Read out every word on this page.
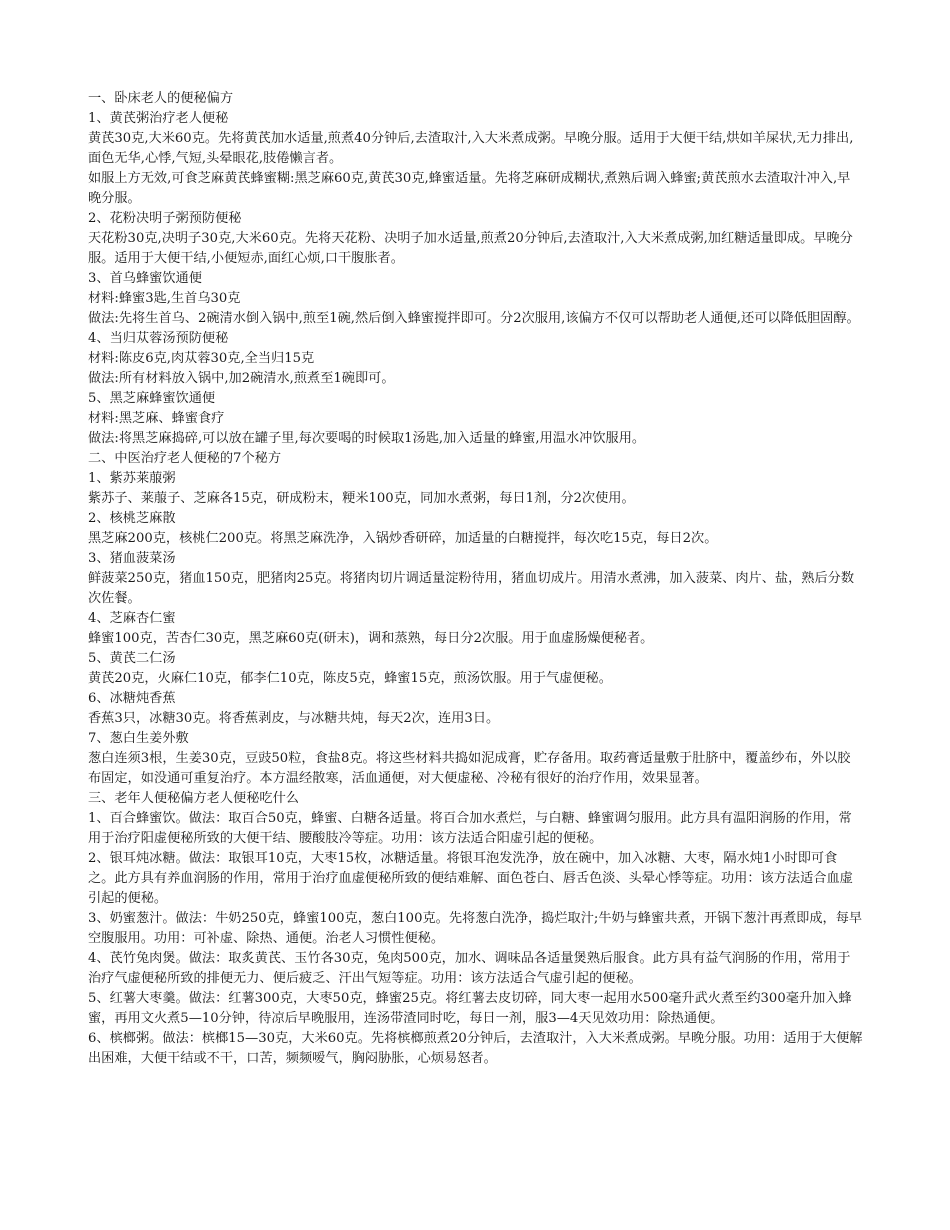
一、卧床老人的便秘偏方

1、黄芪粥治疗老人便秘

黄芪30克,大米60克。先将黄芪加水适量,煎煮40分钟后,去渣取汁,入大米煮成粥。早晚分服。适用于大便干结,烘如羊屎状,无力排出,面色无华,心悸,气短,头晕眼花,肢倦懒言者。

如服上方无效,可食芝麻黄芪蜂蜜糊:黑芝麻60克,黄芪30克,蜂蜜适量。先将芝麻研成糊状,煮熟后调入蜂蜜;黄芪煎水去渣取汁冲入,早晚分服。

2、花粉决明子粥预防便秘

天花粉30克,决明子30克,大米60克。先将天花粉、决明子加水适量,煎煮20分钟后,去渣取汁,入大米煮成粥,加红糖适量即成。早晚分服。适用于大便干结,小便短赤,面红心烦,口干腹胀者。

3、首乌蜂蜜饮通便

材料:蜂蜜3匙,生首乌30克

做法:先将生首乌、2碗清水倒入锅中,煎至1碗,然后倒入蜂蜜搅拌即可。分2次服用,该偏方不仅可以帮助老人通便,还可以降低胆固醇。

4、当归苁蓉汤预防便秘

材料:陈皮6克,肉苁蓉30克,全当归15克

做法:所有材料放入锅中,加2碗清水,煎煮至1碗即可。

5、黑芝麻蜂蜜饮通便

材料:黑芝麻、蜂蜜食疗

做法:将黑芝麻捣碎,可以放在罐子里,每次要喝的时候取1汤匙,加入适量的蜂蜜,用温水冲饮服用。

二、中医治疗老人便秘的7个秘方

1、紫苏莱菔粥

紫苏子、莱菔子、芝麻各15克，研成粉末，粳米100克，同加水煮粥，每日1剂，分2次使用。

2、核桃芝麻散

黑芝麻200克，核桃仁200克。将黑芝麻洗净，入锅炒香研碎，加适量的白糖搅拌，每次吃15克，每日2次。

3、猪血菠菜汤

鲜菠菜250克，猪血150克，肥猪肉25克。将猪肉切片调适量淀粉待用，猪血切成片。用清水煮沸，加入菠菜、肉片、盐，熟后分数次佐餐。

4、芝麻杏仁蜜

蜂蜜100克，苦杏仁30克，黑芝麻60克(研末)，调和蒸熟，每日分2次服。用于血虚肠燥便秘者。

5、黄芪二仁汤

黄芪20克，火麻仁10克，郁李仁10克，陈皮5克，蜂蜜15克，煎汤饮服。用于气虚便秘。

6、冰糖炖香蕉

香蕉3只，冰糖30克。将香蕉剥皮，与冰糖共炖，每天2次，连用3日。

7、葱白生姜外敷

葱白连须3根，生姜30克，豆豉50粒，食盐8克。将这些材料共捣如泥成膏，贮存备用。取药膏适量敷于肚脐中，覆盖纱布，外以胶布固定，如没通可重复治疗。本方温经散寒，活血通便，对大便虚秘、冷秘有很好的治疗作用，效果显著。

三、老年人便秘偏方老人便秘吃什么

1、百合蜂蜜饮。做法：取百合50克，蜂蜜、白糖各适量。将百合加水煮烂，与白糖、蜂蜜调匀服用。此方具有温阳润肠的作用，常用于治疗阳虚便秘所致的大便干结、腰酸肢冷等症。功用：该方法适合阳虚引起的便秘。

2、银耳炖冰糖。做法：取银耳10克，大枣15枚，冰糖适量。将银耳泡发洗净，放在碗中，加入冰糖、大枣，隔水炖1小时即可食之。此方具有养血润肠的作用，常用于治疗血虚便秘所致的便结难解、面色苍白、唇舌色淡、头晕心悸等症。功用：该方法适合血虚引起的便秘。

3、奶蜜葱汁。做法：牛奶250克，蜂蜜100克，葱白100克。先将葱白洗净，捣烂取汁;牛奶与蜂蜜共煮，开锅下葱汁再煮即成，每早空腹服用。功用：可补虚、除热、通便。治老人习惯性便秘。

4、芪竹兔肉煲。做法：取炙黄芪、玉竹各30克，兔肉500克，加水、调味品各适量煲熟后服食。此方具有益气润肠的作用，常用于治疗气虚便秘所致的排便无力、便后疲乏、汗出气短等症。功用：该方法适合气虚引起的便秘。

5、红薯大枣羹。做法：红薯300克，大枣50克，蜂蜜25克。将红薯去皮切碎，同大枣一起用水500毫升武火煮至约300毫升加入蜂蜜，再用文火煮5—10分钟，待凉后早晚服用，连汤带渣同时吃，每日一剂，服3—4天见效功用：除热通便。

6、槟榔粥。做法：槟榔15—30克，大米60克。先将槟榔煎煮20分钟后，去渣取汁，入大米煮成粥。早晚分服。功用：适用于大便解出困难，大便干结或不干，口苦，频频嗳气，胸闷胁胀，心烦易怒者。
